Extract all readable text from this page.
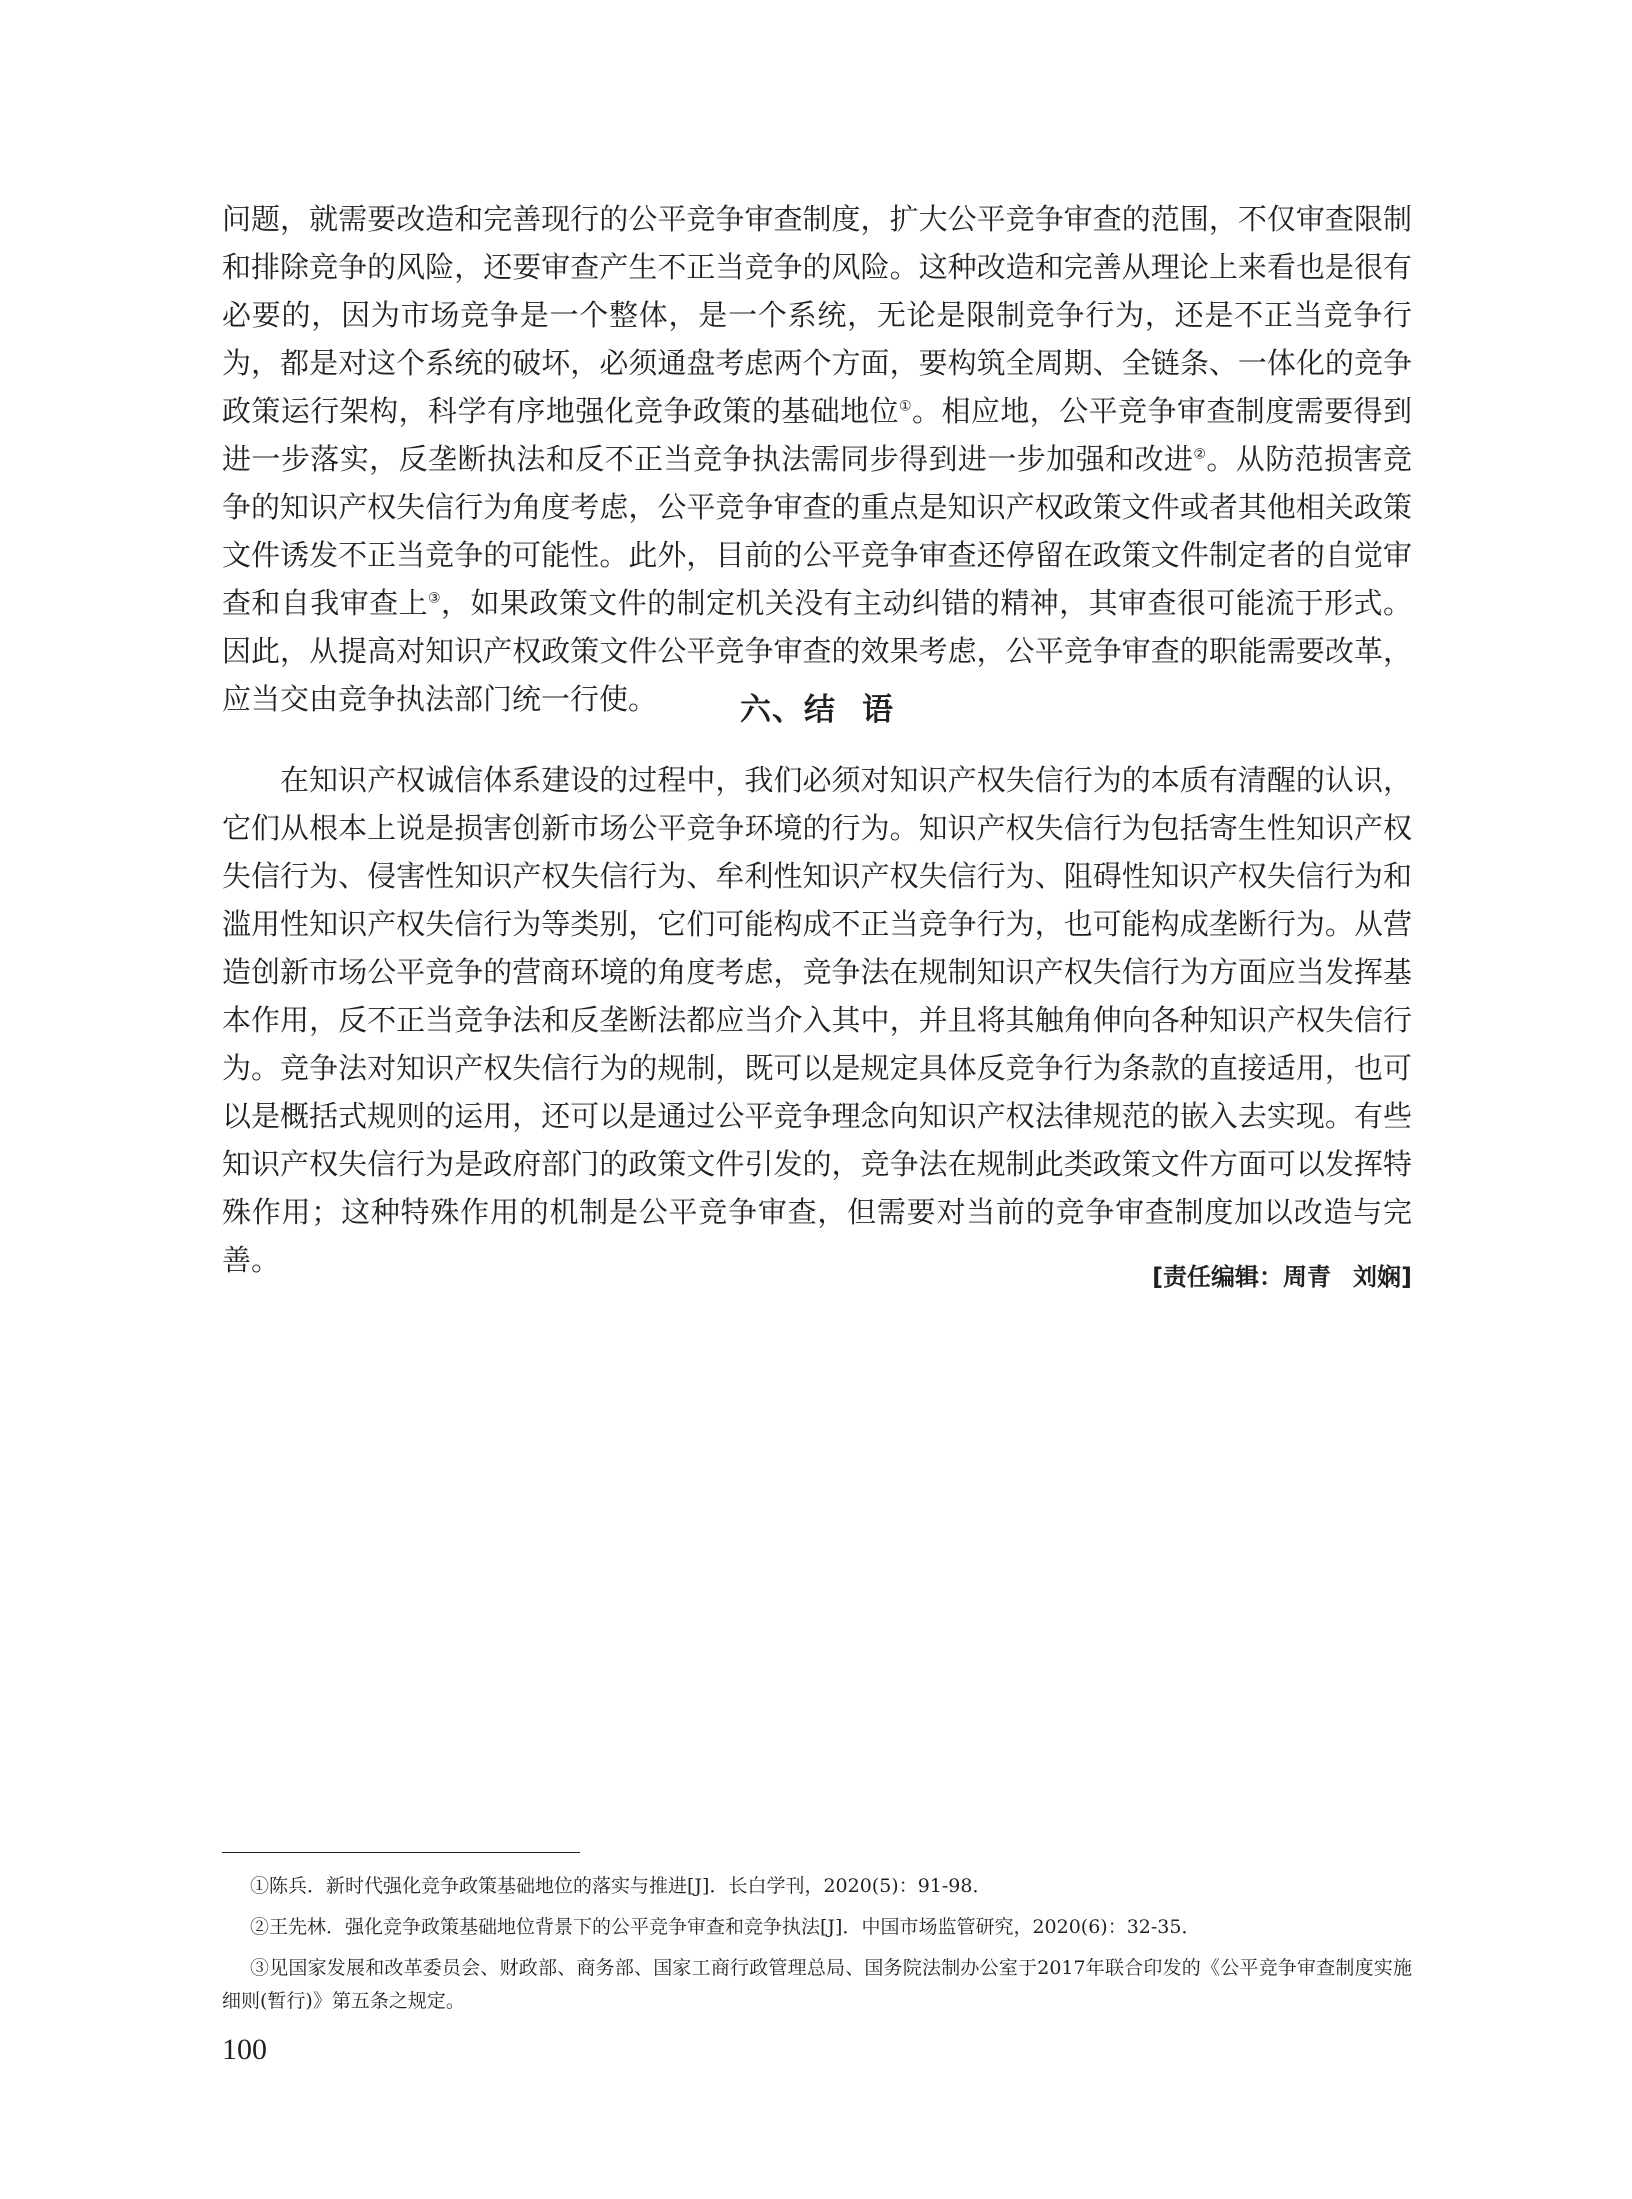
问题，就需要改造和完善现行的公平竞争审查制度，扩大公平竞争审查的范围，不仅审查限制和排除竞争的风险，还要审查产生不正当竞争的风险。这种改造和完善从理论上来看也是很有必要的，因为市场竞争是一个整体，是一个系统，无论是限制竞争行为，还是不正当竞争行为，都是对这个系统的破坏，必须通盘考虑两个方面，要构筑全周期、全链条、一体化的竞争政策运行架构，科学有序地强化竞争政策的基础地位①。相应地，公平竞争审查制度需要得到进一步落实，反垄断执法和反不正当竞争执法需同步得到进一步加强和改进②。从防范损害竞争的知识产权失信行为角度考虑，公平竞争审查的重点是知识产权政策文件或者其他相关政策文件诱发不正当竞争的可能性。此外，目前的公平竞争审查还停留在政策文件制定者的自觉审查和自我审查上③，如果政策文件的制定机关没有主动纠错的精神，其审查很可能流于形式。因此，从提高对知识产权政策文件公平竞争审查的效果考虑，公平竞争审查的职能需要改革，应当交由竞争执法部门统一行使。	六、结 语

在知识产权诚信体系建设的过程中，我们必须对知识产权失信行为的本质有清醒的认识，它们从根本上说是损害创新市场公平竞争环境的行为。知识产权失信行为包括寄生性知识产权失信行为、侵害性知识产权失信行为、牟利性知识产权失信行为、阻碍性知识产权失信行为和滥用性知识产权失信行为等类别，它们可能构成不正当竞争行为，也可能构成垄断行为。从营造创新市场公平竞争的营商环境的角度考虑，竞争法在规制知识产权失信行为方面应当发挥基本作用，反不正当竞争法和反垄断法都应当介入其中，并且将其触角伸向各种知识产权失信行为。竞争法对知识产权失信行为的规制，既可以是规定具体反竞争行为条款的直接适用，也可以是概括式规则的运用，还可以是通过公平竞争理念向知识产权法律规范的嵌入去实现。有些知识产权失信行为是政府部门的政策文件引发的，竞争法在规制此类政策文件方面可以发挥特殊作用；这种特殊作用的机制是公平竞争审查，但需要对当前的竞争审查制度加以改造与完善。	[责任编辑：周青 刘娴]

①陈兵．新时代强化竞争政策基础地位的落实与推进[J]．长白学刊，2020(5)：91-98．

②王先林．强化竞争政策基础地位背景下的公平竞争审查和竞争执法[J]．中国市场监管研究，2020(6)：32-35．

③见国家发展和改革委员会、财政部、商务部、国家工商行政管理总局、国务院法制办公室于2017年联合印发的《公平竞争审查制度实施细则(暂行)》第五条之规定。

100
